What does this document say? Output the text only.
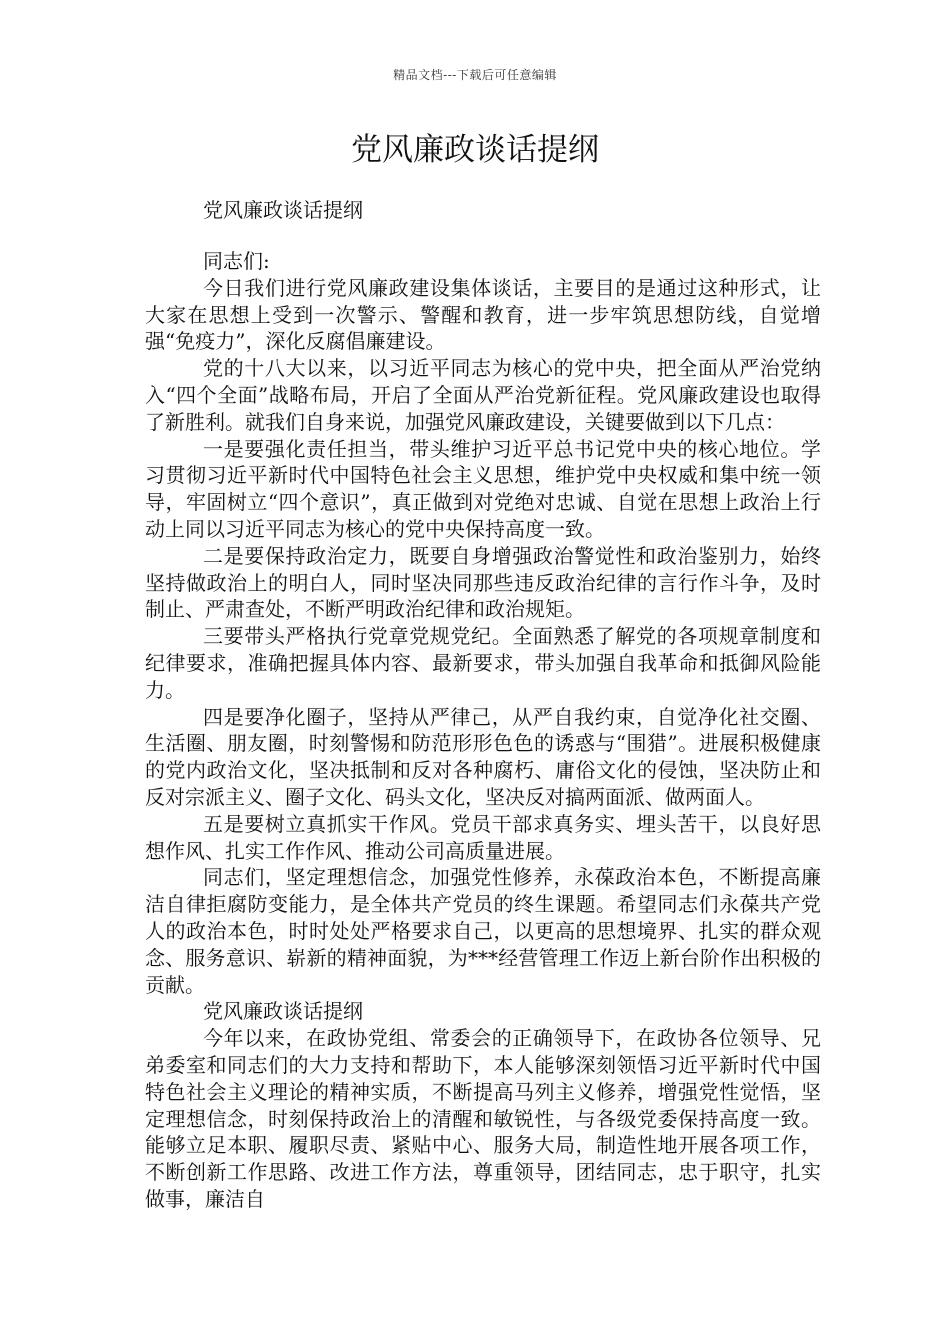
精品文档---下载后可任意编辑
党风廉政谈话提纲

党风廉政谈话提纲

同志们:

今日我们进行党风廉政建设集体谈话，主要目的是通过这种形式，让大家在思想上受到一次警示、警醒和教育，进一步牢筑思想防线，自觉增强“免疫力”，深化反腐倡廉建设。

党的十八大以来，以习近平同志为核心的党中央，把全面从严治党纳入“四个全面”战略布局，开启了全面从严治党新征程。党风廉政建设也取得了新胜利。就我们自身来说，加强党风廉政建设，关键要做到以下几点：

一是要强化责任担当，带头维护习近平总书记党中央的核心地位。学习贯彻习近平新时代中国特色社会主义思想，维护党中央权威和集中统一领导，牢固树立“四个意识”，真正做到对党绝对忠诚、自觉在思想上政治上行动上同以习近平同志为核心的党中央保持高度一致。

二是要保持政治定力，既要自身增强政治警觉性和政治鉴别力，始终坚持做政治上的明白人，同时坚决同那些违反政治纪律的言行作斗争，及时制止、严肃查处，不断严明政治纪律和政治规矩。

三要带头严格执行党章党规党纪。全面熟悉了解党的各项规章制度和纪律要求，准确把握具体内容、最新要求，带头加强自我革命和抵御风险能力。

四是要净化圈子，坚持从严律己，从严自我约束，自觉净化社交圈、生活圈、朋友圈，时刻警惕和防范形形色色的诱惑与“围猎”。进展积极健康的党内政治文化，坚决抵制和反对各种腐朽、庸俗文化的侵蚀，坚决防止和反对宗派主义、圈子文化、码头文化，坚决反对搞两面派、做两面人。

五是要树立真抓实干作风。党员干部求真务实、埋头苦干，以良好思想作风、扎实工作作风、推动公司高质量进展。

同志们，坚定理想信念，加强党性修养，永葆政治本色，不断提高廉洁自律拒腐防变能力，是全体共产党员的终生课题。希望同志们永葆共产党人的政治本色，时时处处严格要求自己，以更高的思想境界、扎实的群众观念、服务意识、崭新的精神面貌，为***经营管理工作迈上新台阶作出积极的贡献。

党风廉政谈话提纲

今年以来，在政协党组、常委会的正确领导下，在政协各位领导、兄弟委室和同志们的大力支持和帮助下，本人能够深刻领悟习近平新时代中国特色社会主义理论的精神实质，不断提高马列主义修养，增强党性觉悟，坚定理想信念，时刻保持政治上的清醒和敏锐性，与各级党委保持高度一致。能够立足本职、履职尽责、紧贴中心、服务大局，制造性地开展各项工作，不断创新工作思路、改进工作方法，尊重领导，团结同志，忠于职守，扎实做事，廉洁自
